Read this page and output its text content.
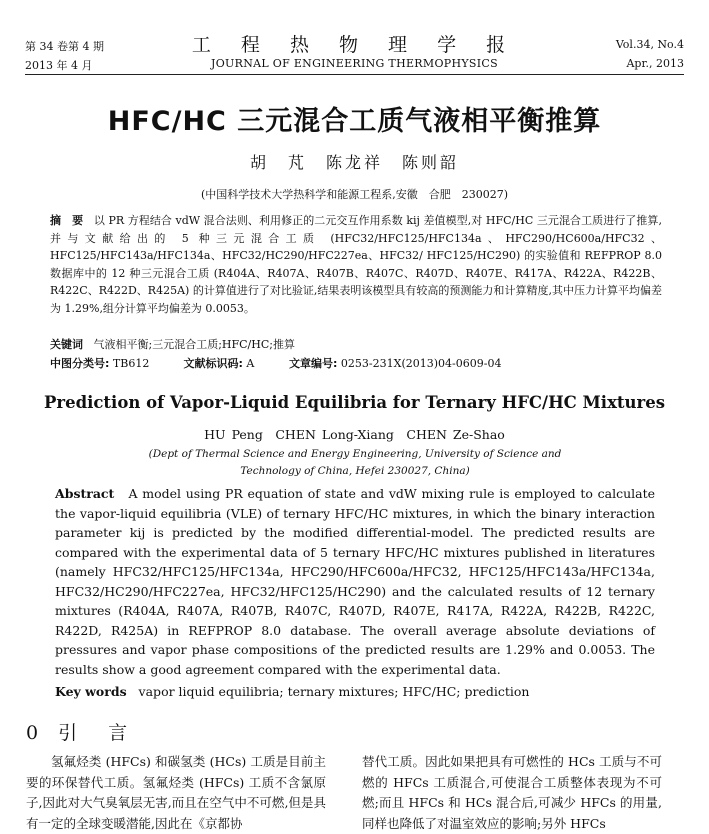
第 34 卷第 4 期
2013 年 4 月
工 程 热 物 理 学 报
JOURNAL OF ENGINEERING THERMOPHYSICS
Vol.34, No.4
Apr., 2013
HFC/HC 三元混合工质气液相平衡推算
胡　芃　陈龙祥　陈则韶
(中国科学技术大学热科学和能源工程系,安徽　合肥　230027)
摘　要 以 PR 方程结合 vdW 混合法则、利用修正的二元交互作用系数 kij 差值模型,对 HFC/HC 三元混合工质进行了推算,并与文献给出的 5 种三元混合工质 (HFC32/HFC125/HFC134a、HFC290/HC600a/HFC32、HFC125/HFC143a/HFC134a、HFC32/HC290/HFC227ea、HFC32/ HFC125/HC290) 的实验值和 REFPROP 8.0 数据库中的 12 种三元混合工质 (R404A、R407A、R407B、R407C、R407D、R407E、R417A、R422A、R422B、R422C、R422D、R425A) 的计算值进行了对比验证,结果表明该模型具有较高的预测能力和计算精度,其中压力计算平均偏差为 1.29%,组分计算平均偏差为 0.0053。
关键词 气液相平衡;三元混合工质;HFC/HC;推算
中图分类号: TB612	文献标识码: A	文章编号: 0253-231X(2013)04-0609-04
Prediction of Vapor-Liquid Equilibria for Ternary HFC/HC Mixtures
HU Peng　CHEN Long-Xiang　CHEN Ze-Shao
(Dept of Thermal Science and Energy Engineering, University of Science and Technology of China, Hefei 230027, China)
Abstract A model using PR equation of state and vdW mixing rule is employed to calculate the vapor-liquid equilibria (VLE) of ternary HFC/HC mixtures, in which the binary interaction parameter kij is predicted by the modified differential-model. The predicted results are compared with the experimental data of 5 ternary HFC/HC mixtures published in literatures (namely HFC32/HFC125/HFC134a, HFC290/HFC600a/HFC32, HFC125/HFC143a/HFC134a, HFC32/HC290/HFC227ea, HFC32/HFC125/HC290) and the calculated results of 12 ternary mixtures (R404A, R407A, R407B, R407C, R407D, R407E, R417A, R422A, R422B, R422C, R422D, R425A) in REFPROP 8.0 database. The overall average absolute deviations of pressures and vapor phase compositions of the predicted results are 1.29% and 0.0053. The results show a good agreement compared with the experimental data.
Key words vapor liquid equilibria; ternary mixtures; HFC/HC; prediction
0 引　言

氢氟烃类 (HFCs) 和碳氢类 (HCs) 工质是目前主要的环保替代工质。氢氟烃类 (HFCs) 工质不含氯原子,因此对大气臭氧层无害,而且在空气中不可燃,但是具有一定的全球变暖潜能,因此在《京都协

替代工质。因此如果把具有可燃性的 HCs 工质与不可燃的 HFCs 工质混合,可使混合工质整体表现为不可燃;而且 HFCs 和 HCs 混合后,可减少 HFCs 的用量,同样也降低了对温室效应的影响;另外 HFCs
